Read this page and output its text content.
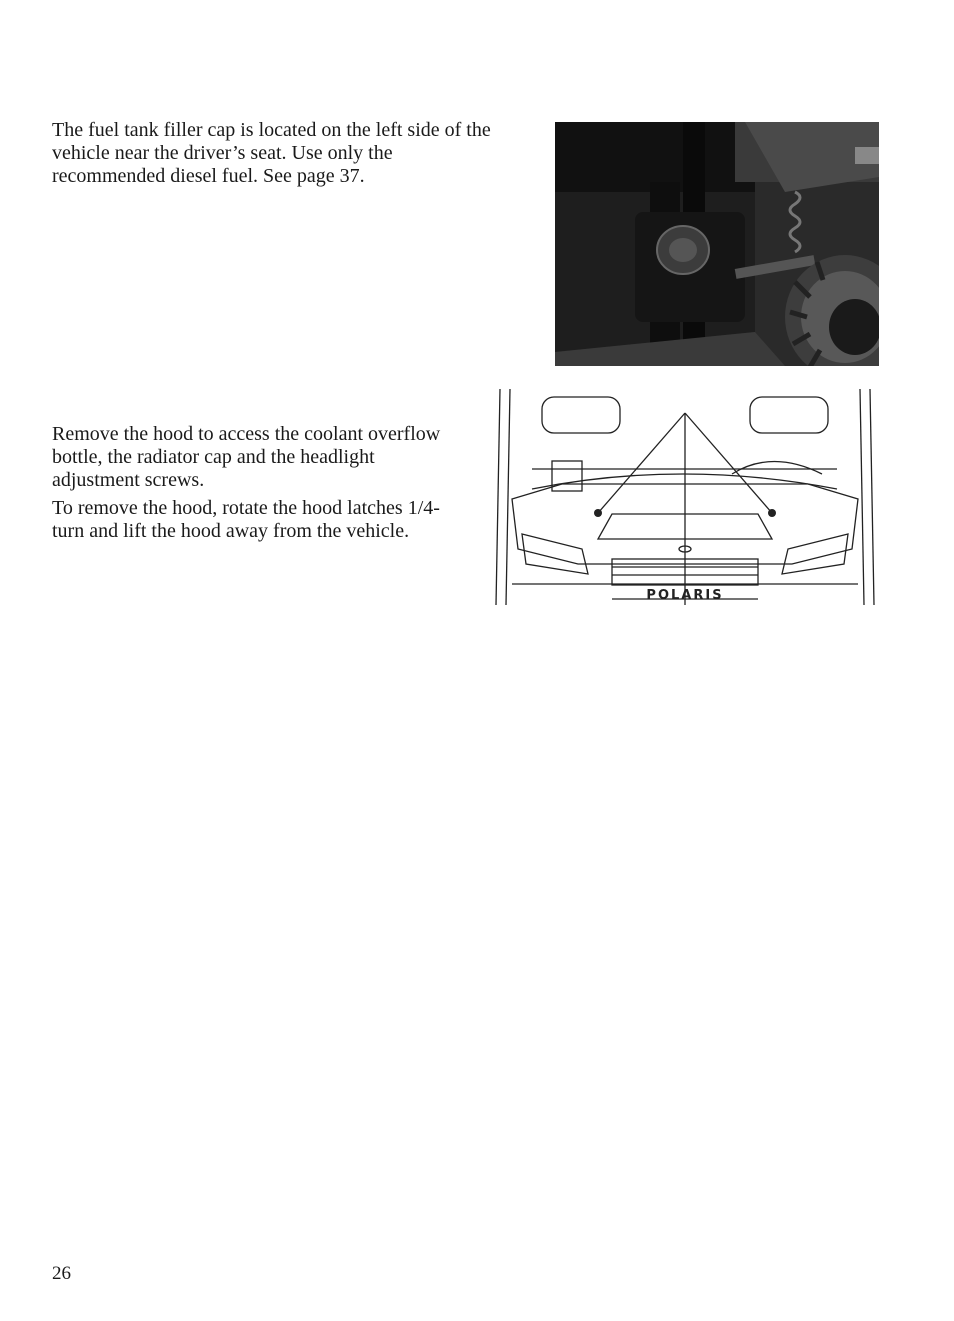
The fuel tank filler cap is located on the left side of the vehicle near the driver’s seat. Use only the recommended diesel fuel. See page 37.

Remove the hood to access the coolant overflow bottle, the radiator cap and the headlight adjustment screws.

To remove the hood, rotate the hood latches 1/4-turn and lift the hood away from the vehicle.

POLARIS
26
